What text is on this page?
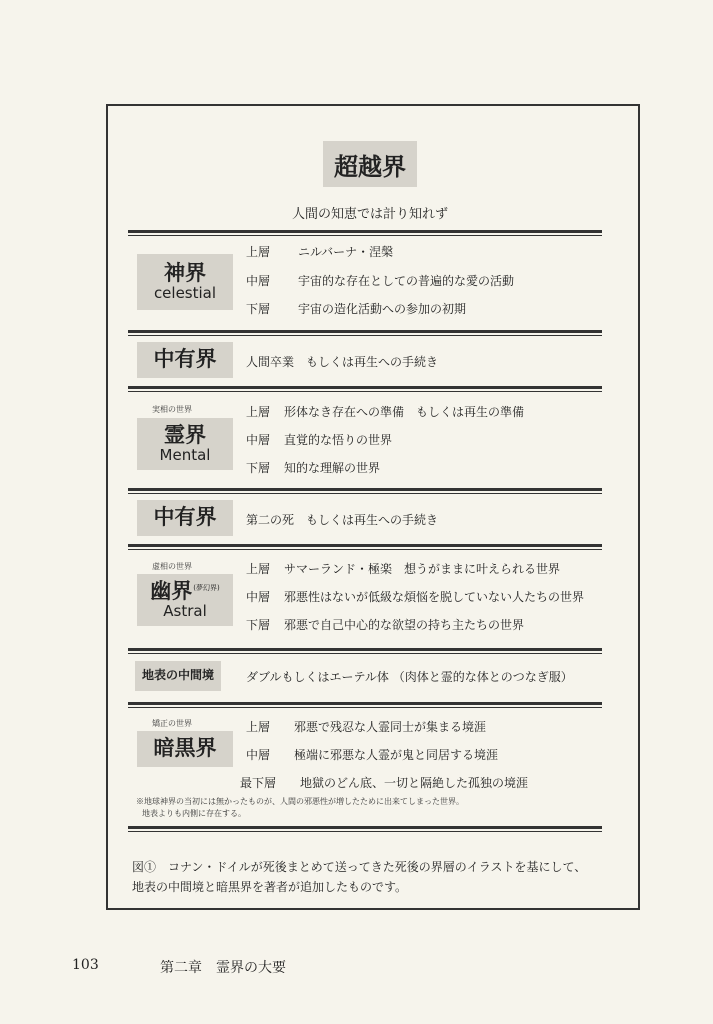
超越界
人間の知恵では計り知れず
神界
celestial
上層	ニルバーナ・涅槃
中層	宇宙的な存在としての普遍的な愛の活動
下層	宇宙の造化活動への参加の初期
中有界 人間卒業　もしくは再生への手続き
実相の世界
霊界
Mental
上層	形体なき存在への準備　もしくは再生の準備
中層	直覚的な悟りの世界
下層	知的な理解の世界
中有界 第二の死　もしくは再生への手続き
虚相の世界
幽界$^{(夢幻界)}$
Astral
上層	サマーランド・極楽　想うがままに叶えられる世界
中層	邪悪性はないが低級な煩悩を脱していない人たちの世界
下層	邪悪で自己中心的な欲望の持ち主たちの世界
地表の中間境	ダブルもしくはエーテル体 （肉体と霊的な体とのつなぎ服）
矯正の世界
暗黒界
上層	邪悪で残忍な人霊同士が集まる境涯
中層	極端に邪悪な人霊が鬼と同居する境涯
最下層	地獄のどん底、一切と隔絶した孤独の境涯
※地球神界の当初には無かったものが、人間の邪悪性が増したために出来てしまった世界。
地表よりも内側に存在する。
図①　コナン・ドイルが死後まとめて送ってきた死後の界層のイラストを基にして、
地表の中間境と暗黒界を著者が追加したものです。
103	第二章　霊界の大要
